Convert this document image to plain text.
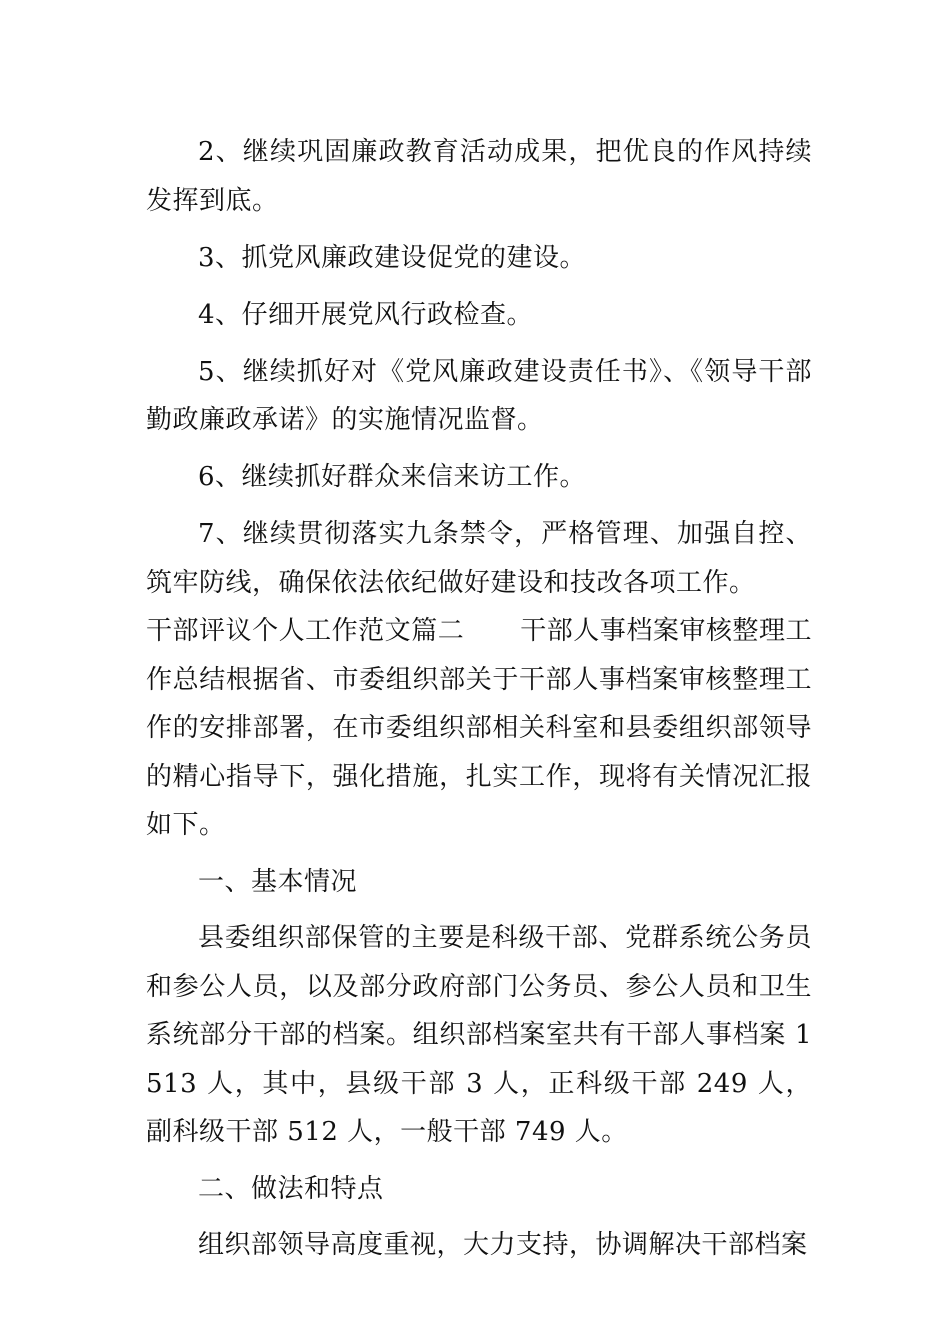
2、继续巩固廉政教育活动成果，把优良的作风持续发挥到底。

3、抓党风廉政建设促党的建设。

4、仔细开展党风行政检查。

5、继续抓好对《党风廉政建设责任书》、《领导干部勤政廉政承诺》的实施情况监督。

6、继续抓好群众来信来访工作。

7、继续贯彻落实九条禁令，严格管理、加强自控、筑牢防线，确保依法依纪做好建设和技改各项工作。

干部评议个人工作范文篇二 干部人事档案审核整理工作总结根据省、市委组织部关于干部人事档案审核整理工作的安排部署，在市委组织部相关科室和县委组织部领导的精心指导下，强化措施，扎实工作，现将有关情况汇报如下。

一、基本情况

县委组织部保管的主要是科级干部、党群系统公务员和参公人员，以及部分政府部门公务员、参公人员和卫生系统部分干部的档案。组织部档案室共有干部人事档案 1513 人，其中，县级干部 3 人，正科级干部 249 人，副科级干部 512 人，一般干部 749 人。

二、做法和特点

组织部领导高度重视，大力支持，协调解决干部档案
